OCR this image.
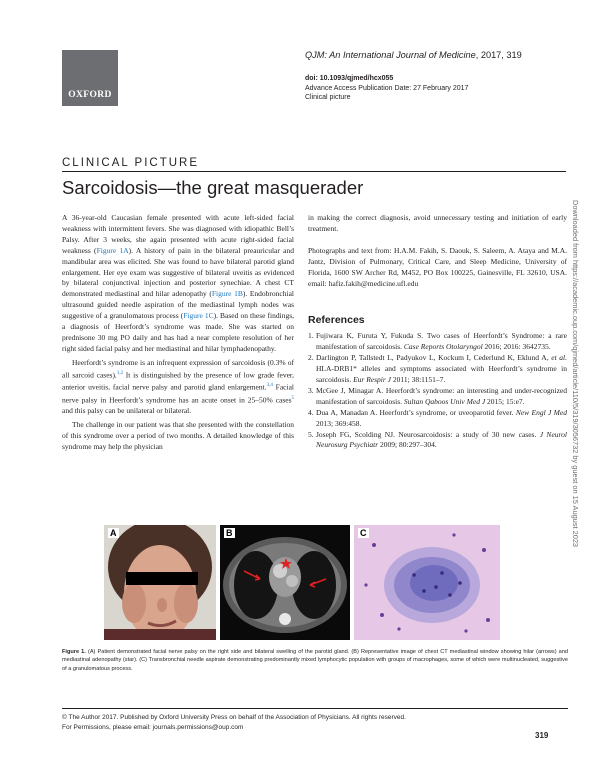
OXFORD
QJM: An International Journal of Medicine, 2017, 319
doi: 10.1093/qjmed/hcx055
Advance Access Publication Date: 27 February 2017
Clinical picture
CLINICAL PICTURE
Sarcoidosis—the great masquerader

A 36-year-old Caucasian female presented with acute left-sided facial weakness with intermittent fevers. She was diagnosed with idiopathic Bell’s Palsy. After 3 weeks, she again presented with acute right-sided facial weakness (Figure 1A). A history of pain in the bilateral preauricular and mandibular area was elicited. She was found to have bilateral parotid gland enlargement. Her eye exam was suggestive of bilateral uveitis as evidenced by bilateral conjunctival injection and posterior synechiae. A chest CT demonstrated mediastinal and hilar adenopathy (Figure 1B). Endobronchial ultrasound guided needle aspiration of the mediastinal lymph nodes was suggestive of a granulomatous process (Figure 1C). Based on these findings, a diagnosis of Heerfordt’s syndrome was made. She was started on prednisone 30 mg PO daily and has had a near complete resolution of her right sided facial palsy and her mediastinal and hilar lymphadenopathy.

Heerfordt’s syndrome is an infrequent expression of sarcoidosis (0.3% of all sarcoid cases).$^{1,2}$ It is distinguished by the presence of low grade fever, anterior uveitis, facial nerve palsy and parotid gland enlargement.$^{3,4}$ Facial nerve palsy in Heerfordt’s syndrome has an acute onset in 25–50% cases$^5$ and this palsy can be unilateral or bilateral.

The challenge in our patient was that she presented with the constellation of this syndrome over a period of two months. A detailed knowledge of this syndrome may help the physician

in making the correct diagnosis, avoid unnecessary testing and initiation of early treatment.

Photographs and text from: H.A.M. Fakih, S. Daouk, S. Saleem, A. Ataya and M.A. Jantz, Division of Pulmonary, Critical Care, and Sleep Medicine, University of Florida, 1600 SW Archer Rd, M452, PO Box 100225, Gainesville, FL 32610, USA. email: hafiz.fakih@medicine.ufl.edu

References

1. Fujiwara K, Furuta Y, Fukuda S. Two cases of Heerfordt’s Syndrome: a rare manifestation of sarcoidosis. Case Reports Otolaryngol 2016; 2016: 3642735.
2. Darlington P, Tallstedt L, Padyukov L, Kockum I, Cederlund K, Eklund A, et al. HLA-DRB1* alleles and symptoms associated with Heerfordt’s syndrome in sarcoidosis. Eur Respir J 2011; 38:1151–7.
3. McGee J, Minagar A. Heerfordt’s syndrome: an interesting and under-recognized manifestation of sarcoidosis. Sultan Qaboos Univ Med J 2015; 15:e7.
4. Dua A, Manadan A. Heerfordt’s syndrome, or uveoparotid fever. New Engl J Med 2013; 369:458.
5. Joseph FG, Scolding NJ. Neurosarcoidosis: a study of 30 new cases. J Neurol Neurosurg Psychiatr 2009; 80:297–304.
A	B	C
Figure 1. (A) Patient demonstrated facial nerve palsy on the right side and bilateral swelling of the parotid gland. (B) Representative image of chest CT mediastinal window showing hilar (arrows) and mediastinal adenopathy (star). (C) Transbronchial needle aspirate demonstrating predominantly mixed lymphocytic population with groups of macrophages, some of which were multinucleated, suggestive of a granulomatous process.
© The Author 2017. Published by Oxford University Press on behalf of the Association of Physicians. All rights reserved.
For Permissions, please email: journals.permissions@oup.com
319
Downloaded from https://academic.oup.com/qjmed/article/110/5/319/3056732 by guest on 15 August 2023
